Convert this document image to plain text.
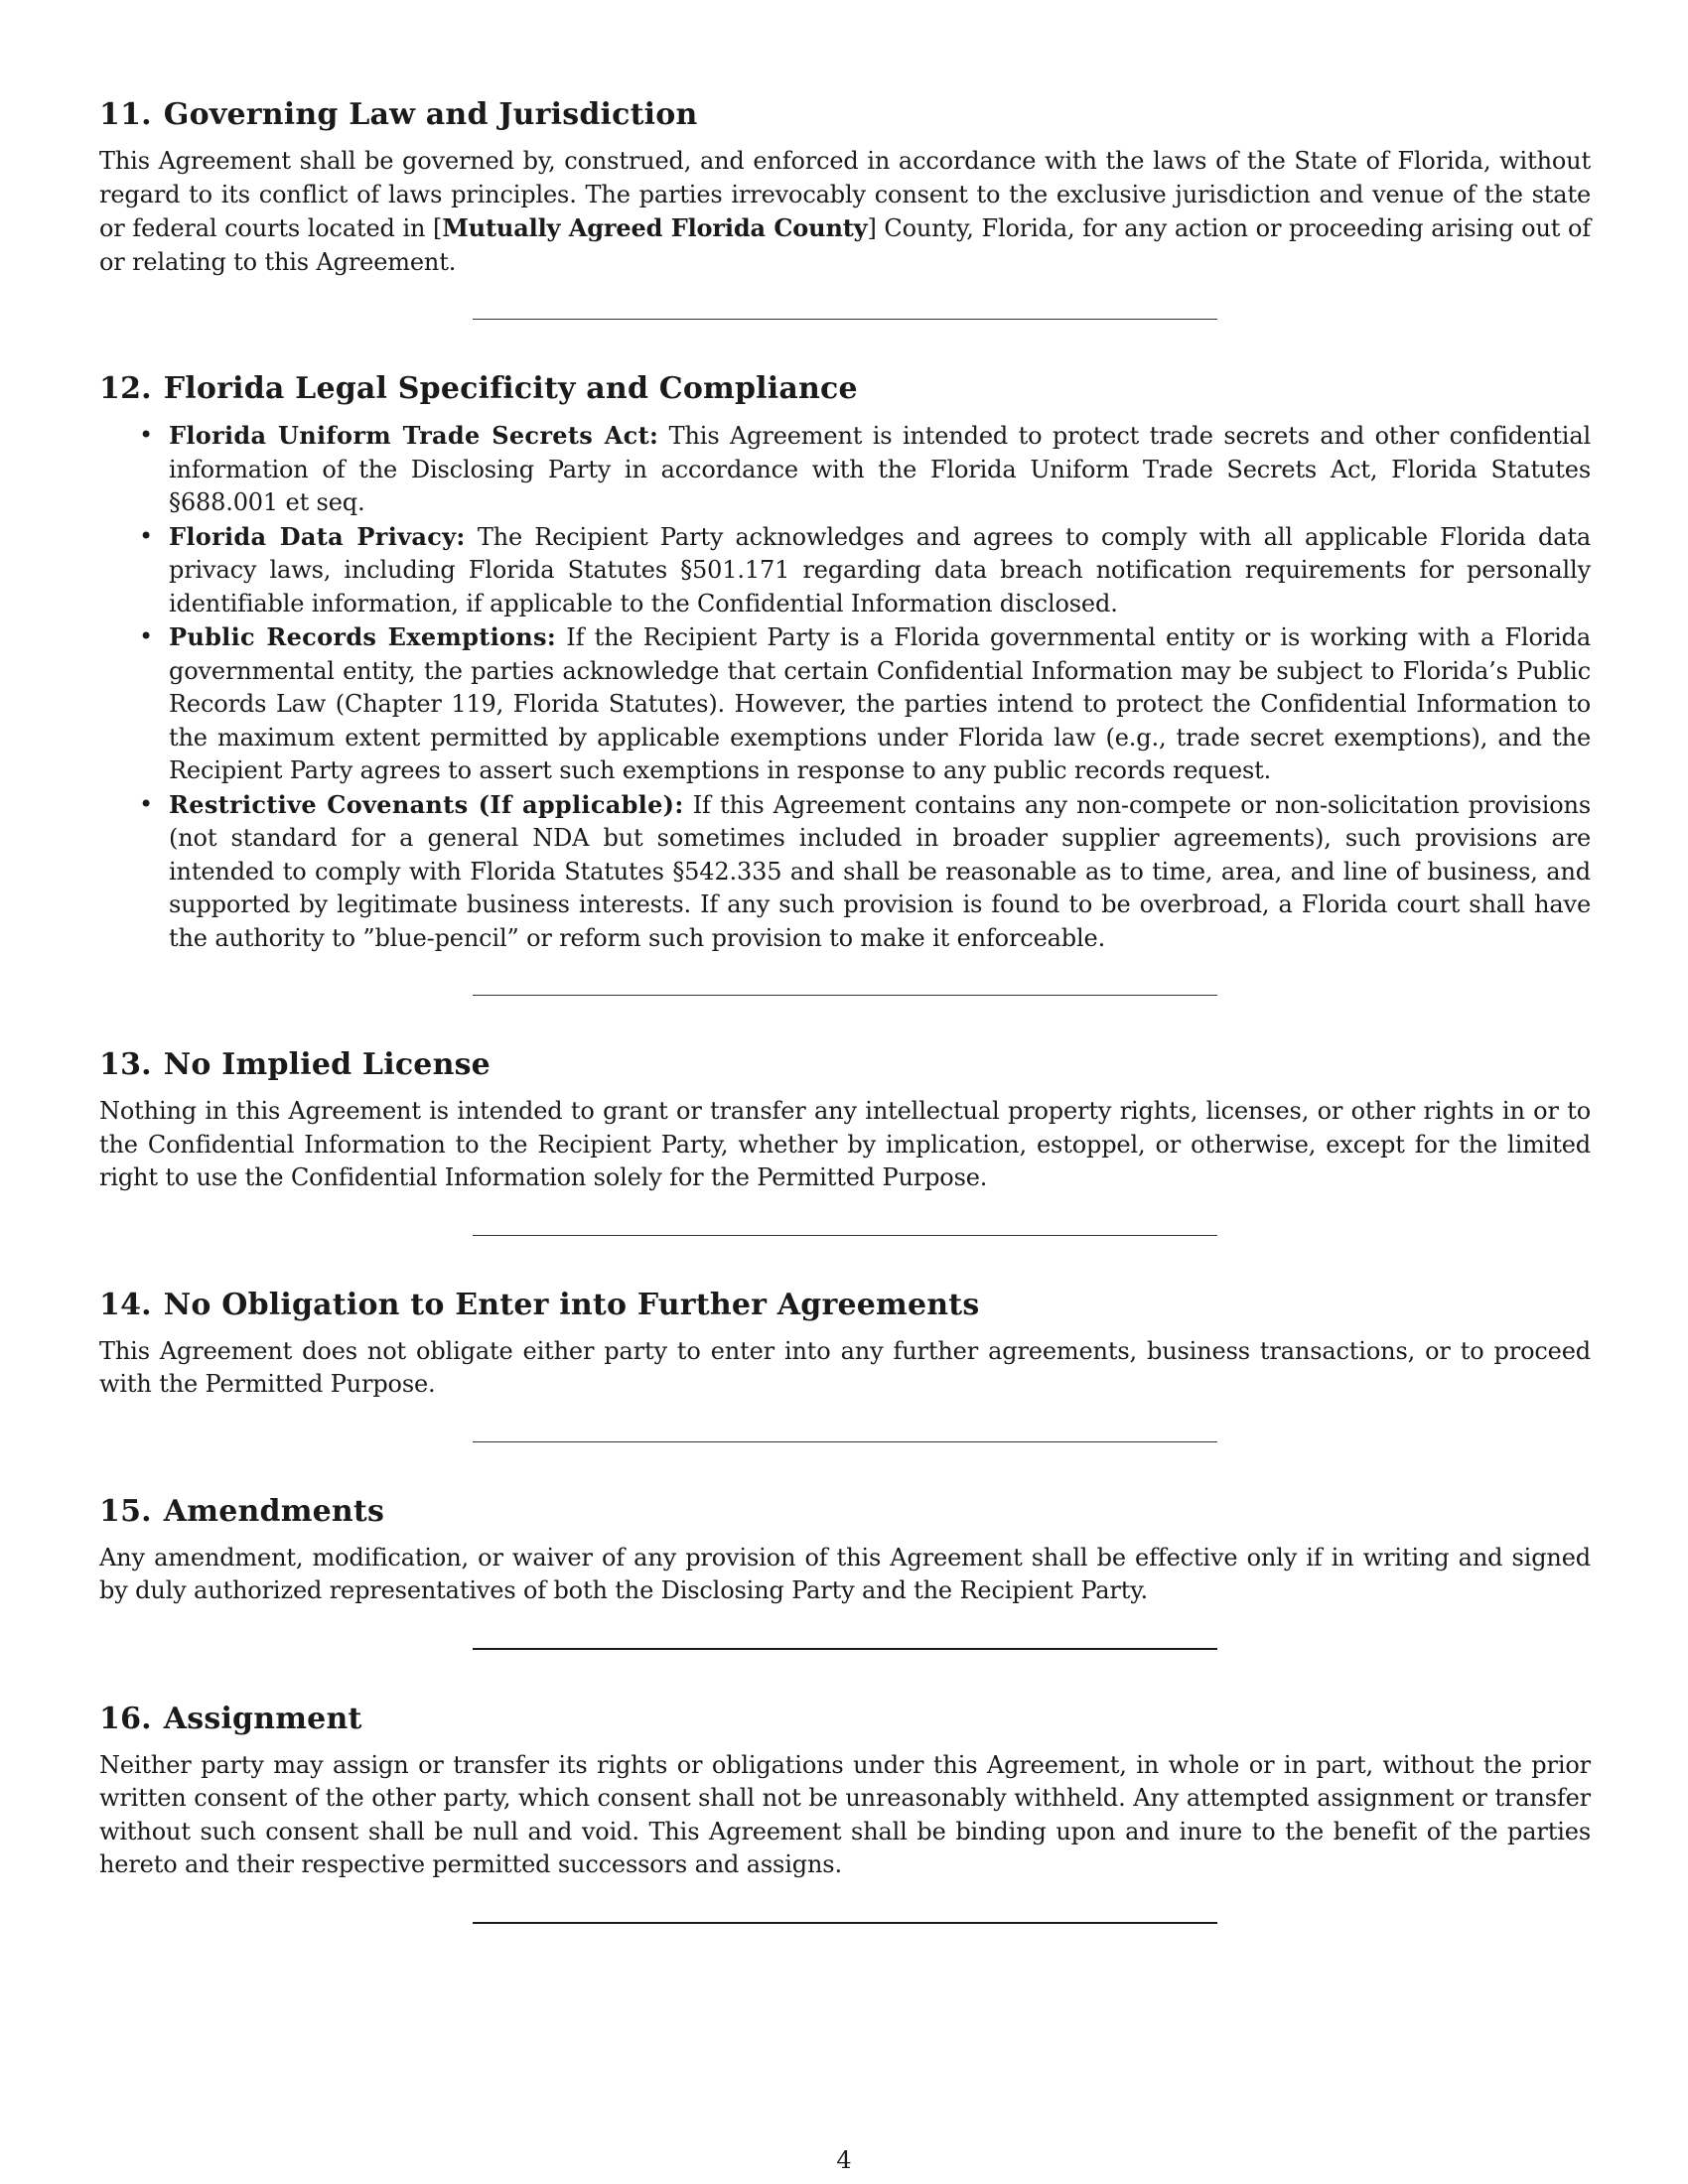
11. Governing Law and Jurisdiction

This Agreement shall be governed by, construed, and enforced in accordance with the laws of the State of Florida, without regard to its conflict of laws principles. The parties irrevocably consent to the exclusive jurisdiction and venue of the state or federal courts located in [Mutually Agreed Florida County] County, Florida, for any action or proceeding arising out of or relating to this Agreement.

12. Florida Legal Specificity and Compliance
• Florida Uniform Trade Secrets Act: This Agreement is intended to protect trade secrets and other confidential information of the Disclosing Party in accordance with the Florida Uniform Trade Secrets Act, Florida Statutes §688.001 et seq.
• Florida Data Privacy: The Recipient Party acknowledges and agrees to comply with all applicable Florida data privacy laws, including Florida Statutes §501.171 regarding data breach notification requirements for personally identifiable information, if applicable to the Confidential Information disclosed.
• Public Records Exemptions: If the Recipient Party is a Florida governmental entity or is working with a Florida governmental entity, the parties acknowledge that certain Confidential Information may be subject to Florida’s Public Records Law (Chapter 119, Florida Statutes). However, the parties intend to protect the Confidential Information to the maximum extent permitted by applicable exemptions under Florida law (e.g., trade secret exemptions), and the Recipient Party agrees to assert such exemptions in response to any public records request.
• Restrictive Covenants (If applicable): If this Agreement contains any non-compete or non-solicitation provisions (not standard for a general NDA but sometimes included in broader supplier agreements), such provisions are intended to comply with Florida Statutes §542.335 and shall be reasonable as to time, area, and line of business, and supported by legitimate business interests. If any such provision is found to be overbroad, a Florida court shall have the authority to ”blue-pencil” or reform such provision to make it enforceable.
13. No Implied License

Nothing in this Agreement is intended to grant or transfer any intellectual property rights, licenses, or other rights in or to the Confidential Information to the Recipient Party, whether by implication, estoppel, or otherwise, except for the limited right to use the Confidential Information solely for the Permitted Purpose.

14. No Obligation to Enter into Further Agreements

This Agreement does not obligate either party to enter into any further agreements, business transactions, or to proceed with the Permitted Purpose.

15. Amendments

Any amendment, modification, or waiver of any provision of this Agreement shall be effective only if in writing and signed by duly authorized representatives of both the Disclosing Party and the Recipient Party.

16. Assignment

Neither party may assign or transfer its rights or obligations under this Agreement, in whole or in part, without the prior written consent of the other party, which consent shall not be unreasonably withheld. Any attempted assignment or transfer without such consent shall be null and void. This Agreement shall be binding upon and inure to the benefit of the parties hereto and their respective permitted successors and assigns.

4
